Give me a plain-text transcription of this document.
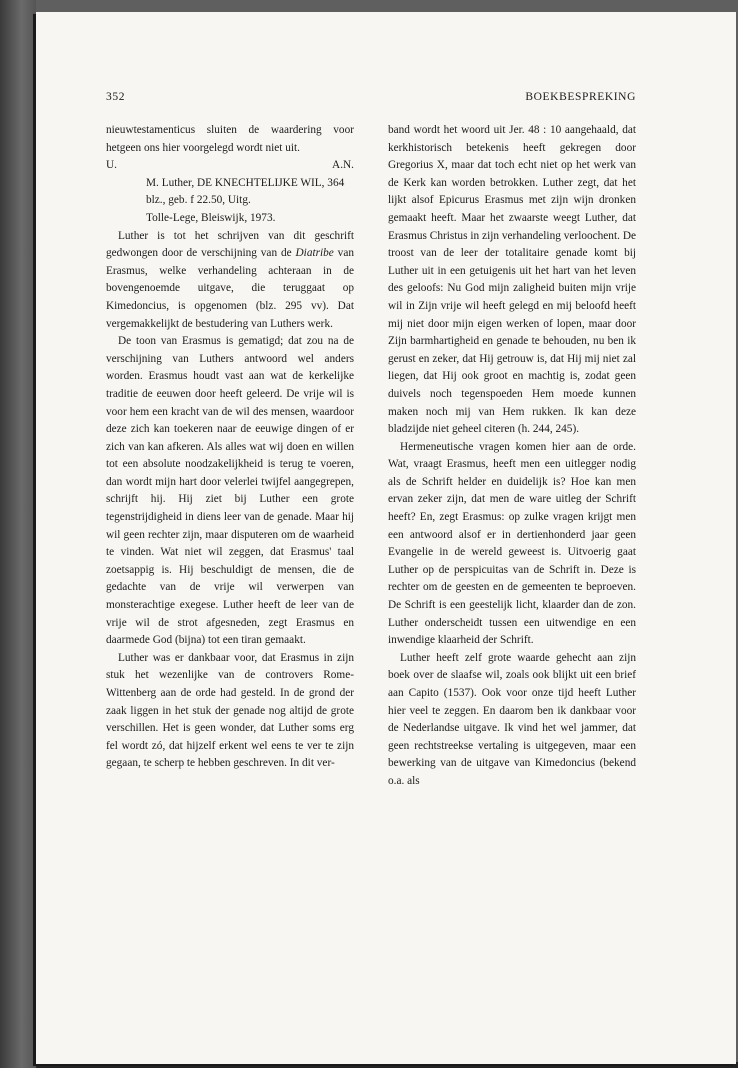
352	BOEKBESPREKING

nieuwtestamenticus sluiten de waardering voor hetgeen ons hier voorgelegd wordt niet uit.

U.	A.N.

M. Luther, DE KNECHTELIJKE WIL, 364 blz., geb. f 22.50, Uitg.
Tolle-Lege, Bleiswijk, 1973.

Luther is tot het schrijven van dit geschrift gedwongen door de verschijning van de Diatribe van Erasmus, welke verhandeling achteraan in de bovengenoemde uitgave, die teruggaat op Kimedoncius, is opgenomen (blz. 295 vv). Dat vergemakkelijkt de bestudering van Luthers werk.

De toon van Erasmus is gematigd; dat zou na de verschijning van Luthers antwoord wel anders worden. Erasmus houdt vast aan wat de kerkelijke traditie de eeuwen door heeft geleerd. De vrije wil is voor hem een kracht van de wil des mensen, waardoor deze zich kan toekeren naar de eeuwige dingen of er zich van kan afkeren. Als alles wat wij doen en willen tot een absolute noodzakelijkheid is terug te voeren, dan wordt mijn hart door velerlei twijfel aangegrepen, schrijft hij. Hij ziet bij Luther een grote tegenstrijdigheid in diens leer van de genade. Maar hij wil geen rechter zijn, maar disputeren om de waarheid te vinden. Wat niet wil zeggen, dat Erasmus' taal zoetsappig is. Hij beschuldigt de mensen, die de gedachte van de vrije wil verwerpen van monsterachtige exegese. Luther heeft de leer van de vrije wil de strot afgesneden, zegt Erasmus en daarmede God (bijna) tot een tiran gemaakt.

Luther was er dankbaar voor, dat Erasmus in zijn stuk het wezenlijke van de controvers Rome-Wittenberg aan de orde had gesteld. In de grond der zaak liggen in het stuk der genade nog altijd de grote verschillen. Het is geen wonder, dat Luther soms erg fel wordt zó, dat hijzelf erkent wel eens te ver te zijn gegaan, te scherp te hebben geschreven. In dit ver-

band wordt het woord uit Jer. 48 : 10 aangehaald, dat kerkhistorisch betekenis heeft gekregen door Gregorius X, maar dat toch echt niet op het werk van de Kerk kan worden betrokken. Luther zegt, dat het lijkt alsof Epicurus Erasmus met zijn wijn dronken gemaakt heeft. Maar het zwaarste weegt Luther, dat Erasmus Christus in zijn verhandeling verloochent. De troost van de leer der totalitaire genade komt bij Luther uit in een getuigenis uit het hart van het leven des geloofs: Nu God mijn zaligheid buiten mijn vrije wil in Zijn vrije wil heeft gelegd en mij beloofd heeft mij niet door mijn eigen werken of lopen, maar door Zijn barmhartigheid en genade te behouden, nu ben ik gerust en zeker, dat Hij getrouw is, dat Hij mij niet zal liegen, dat Hij ook groot en machtig is, zodat geen duivels noch tegenspoeden Hem moede kunnen maken noch mij van Hem rukken. Ik kan deze bladzijde niet geheel citeren (h. 244, 245).

Hermeneutische vragen komen hier aan de orde. Wat, vraagt Erasmus, heeft men een uitlegger nodig als de Schrift helder en duidelijk is? Hoe kan men ervan zeker zijn, dat men de ware uitleg der Schrift heeft? En, zegt Erasmus: op zulke vragen krijgt men een antwoord alsof er in dertienhonderd jaar geen Evangelie in de wereld geweest is. Uitvoerig gaat Luther op de perspicuitas van de Schrift in. Deze is rechter om de geesten en de gemeenten te beproeven. De Schrift is een geestelijk licht, klaarder dan de zon. Luther onderscheidt tussen een uitwendige en een inwendige klaarheid der Schrift.

Luther heeft zelf grote waarde gehecht aan zijn boek over de slaafse wil, zoals ook blijkt uit een brief aan Capito (1537). Ook voor onze tijd heeft Luther hier veel te zeggen. En daarom ben ik dankbaar voor de Nederlandse uitgave. Ik vind het wel jammer, dat geen rechtstreekse vertaling is uitgegeven, maar een bewerking van de uitgave van Kimedoncius (bekend o.a. als
